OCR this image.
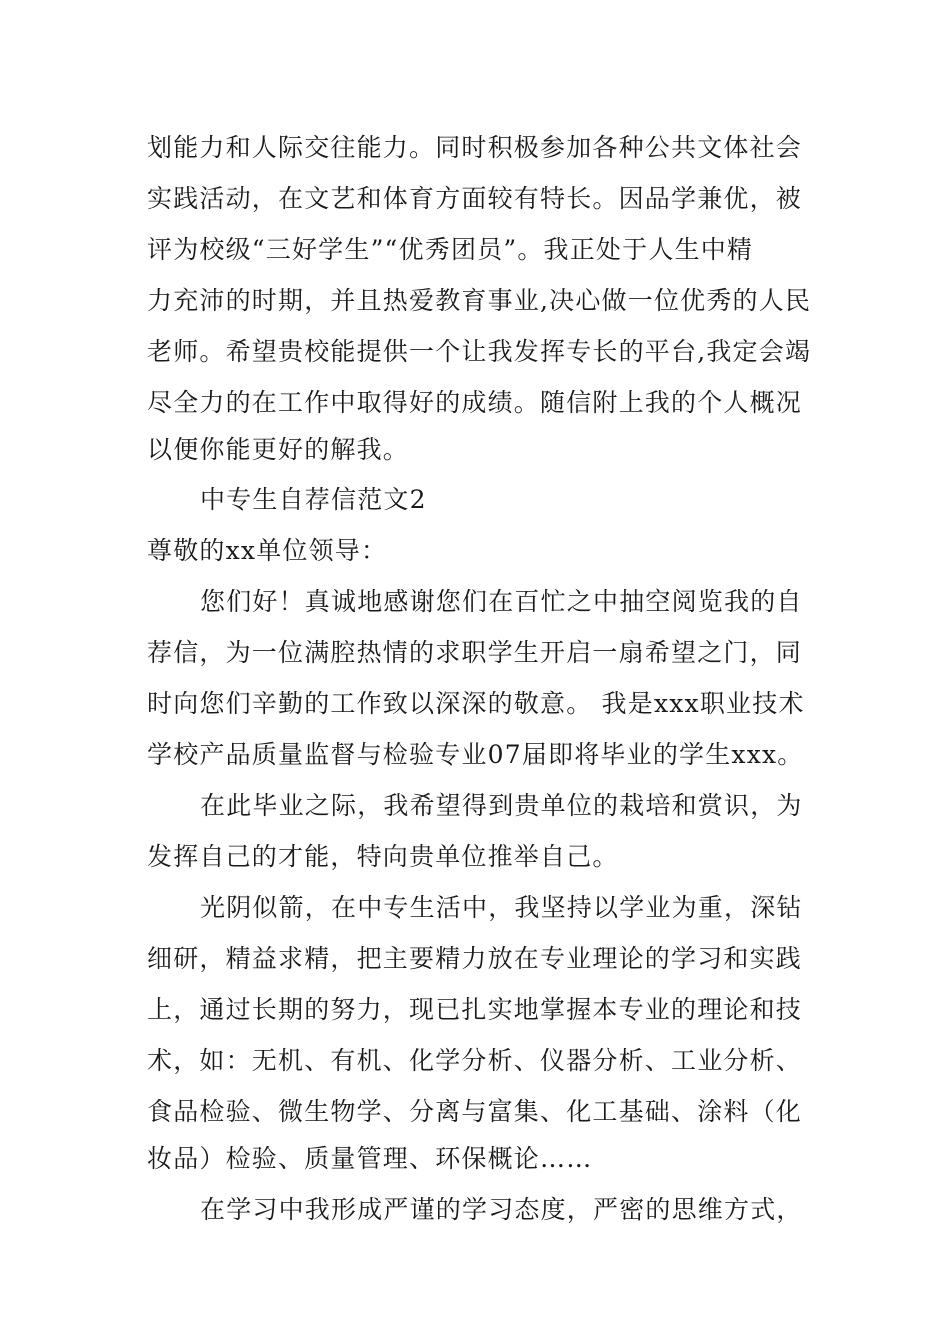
划能力和人际交往能力。同时积极参加各种公共文体社会
实践活动，在文艺和体育方面较有特长。因品学兼优，被
评为校级“三好学生”“优秀团员”。我正处于人生中精
力充沛的时期，并且热爱教育事业,决心做一位优秀的人民
老师。希望贵校能提供一个让我发挥专长的平台,我定会竭
尽全力的在工作中取得好的成绩。随信附上我的个人概况
以便你能更好的解我。
中专生自荐信范文2
尊敬的xx单位领导：
您们好！真诚地感谢您们在百忙之中抽空阅览我的自
荐信，为一位满腔热情的求职学生开启一扇希望之门，同
时向您们辛勤的工作致以深深的敬意。 我是xxx职业技术
学校产品质量监督与检验专业07届即将毕业的学生xxx。
在此毕业之际，我希望得到贵单位的栽培和赏识，为
发挥自己的才能，特向贵单位推举自己。
光阴似箭，在中专生活中，我坚持以学业为重，深钻
细研，精益求精，把主要精力放在专业理论的学习和实践
上，通过长期的努力，现已扎实地掌握本专业的理论和技
术，如：无机、有机、化学分析、仪器分析、工业分析、
食品检验、微生物学、分离与富集、化工基础、涂料（化
妆品）检验、质量管理、环保概论……
在学习中我形成严谨的学习态度，严密的思维方式，
